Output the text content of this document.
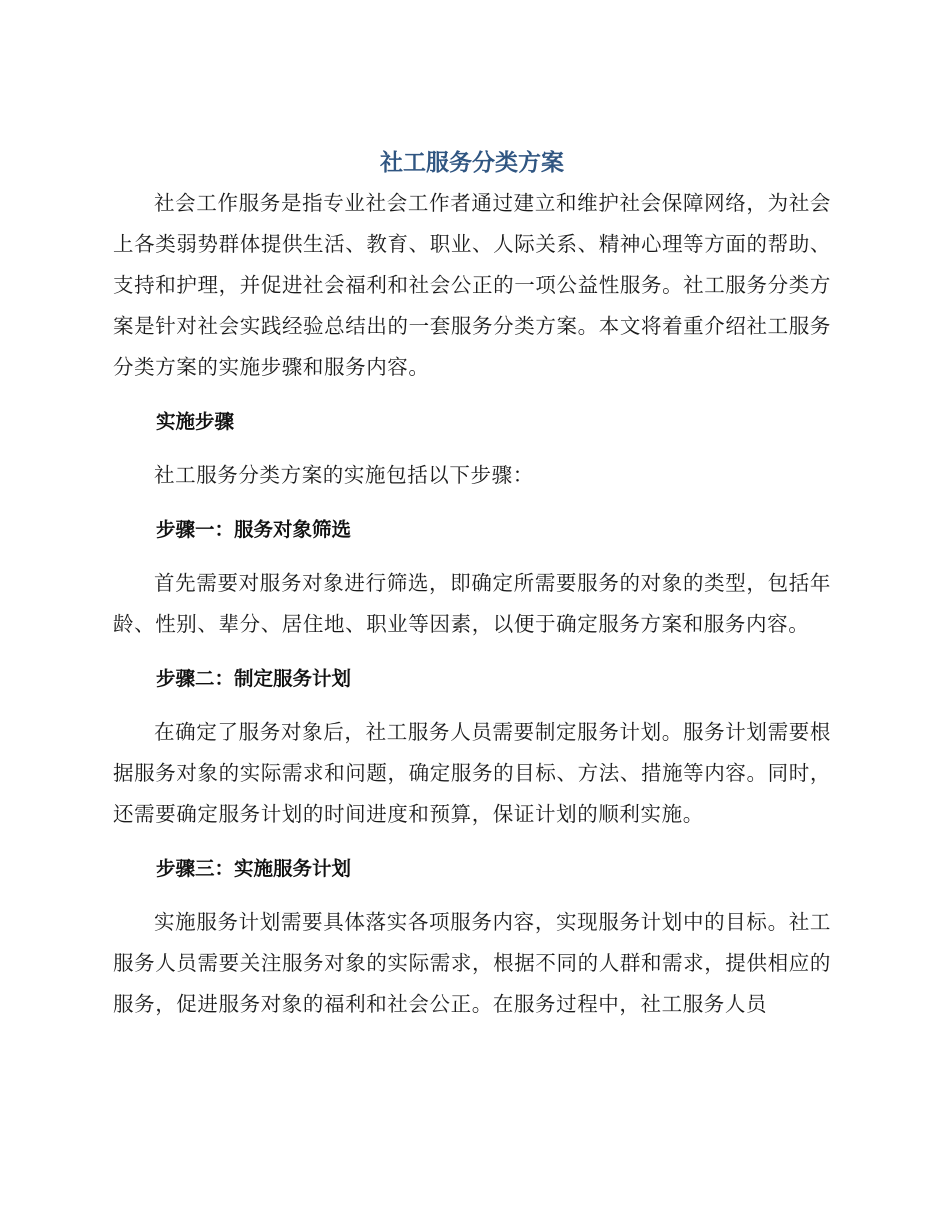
社工服务分类方案

社会工作服务是指专业社会工作者通过建立和维护社会保障网络，为社会上各类弱势群体提供生活、教育、职业、人际关系、精神心理等方面的帮助、支持和护理，并促进社会福利和社会公正的一项公益性服务。社工服务分类方案是针对社会实践经验总结出的一套服务分类方案。本文将着重介绍社工服务分类方案的实施步骤和服务内容。

实施步骤

社工服务分类方案的实施包括以下步骤：

步骤一：服务对象筛选

首先需要对服务对象进行筛选，即确定所需要服务的对象的类型，包括年龄、性别、辈分、居住地、职业等因素，以便于确定服务方案和服务内容。

步骤二：制定服务计划

在确定了服务对象后，社工服务人员需要制定服务计划。服务计划需要根据服务对象的实际需求和问题，确定服务的目标、方法、措施等内容。同时，还需要确定服务计划的时间进度和预算，保证计划的顺利实施。

步骤三：实施服务计划

实施服务计划需要具体落实各项服务内容，实现服务计划中的目标。社工服务人员需要关注服务对象的实际需求，根据不同的人群和需求，提供相应的服务，促进服务对象的福利和社会公正。在服务过程中，社工服务人员
